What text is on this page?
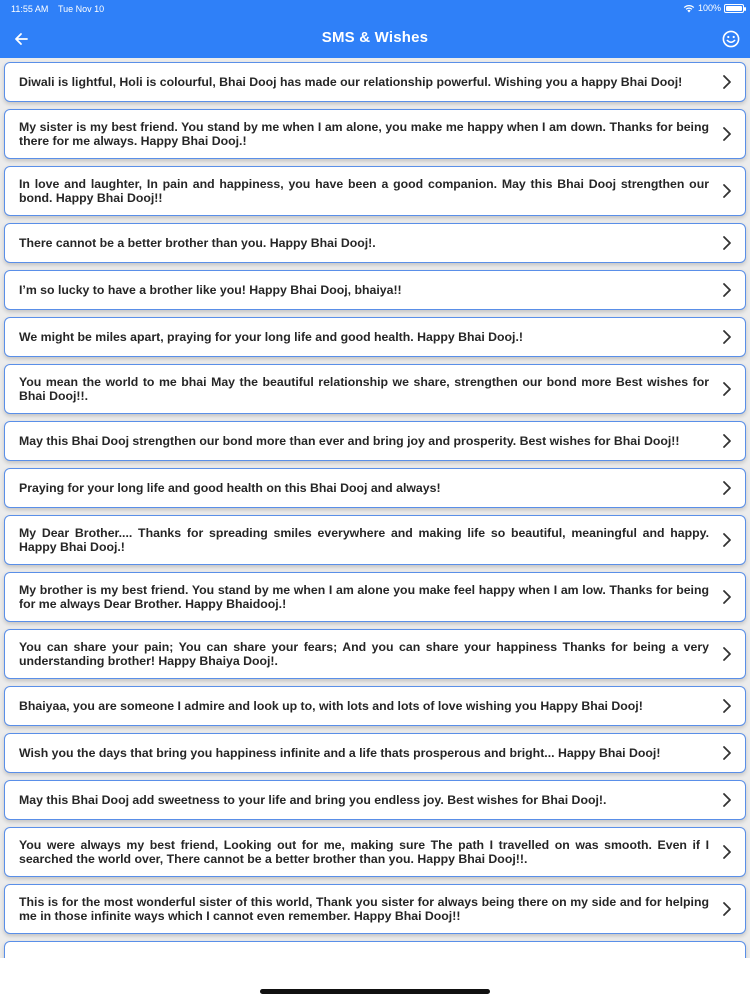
11:55 AM Tue Nov 10	100%
SMS & Wishes
Diwali is lightful, Holi is colourful, Bhai Dooj has made our relationship powerful. Wishing you a happy Bhai Dooj!
My sister is my best friend. You stand by me when I am alone, you make me happy when I am down. Thanks for being there for me always. Happy Bhai Dooj.!
In love and laughter, In pain and happiness, you have been a good companion. May this Bhai Dooj strengthen our bond. Happy Bhai Dooj!!
There cannot be a better brother than you. Happy Bhai Dooj!.
I’m so lucky to have a brother like you! Happy Bhai Dooj, bhaiya!!
We might be miles apart, praying for your long life and good health. Happy Bhai Dooj.!
You mean the world to me bhai May the beautiful relationship we share, strengthen our bond more Best wishes for Bhai Dooj!!.
May this Bhai Dooj strengthen our bond more than ever and bring joy and prosperity. Best wishes for Bhai Dooj!!
Praying for your long life and good health on this Bhai Dooj and always!
My Dear Brother.... Thanks for spreading smiles everywhere and making life so beautiful, meaningful and happy. Happy Bhai Dooj.!
My brother is my best friend. You stand by me when I am alone you make feel happy when I am low. Thanks for being for me always Dear Brother. Happy Bhaidooj.!
You can share your pain; You can share your fears; And you can share your happiness Thanks for being a very understanding brother! Happy Bhaiya Dooj!.
Bhaiyaa, you are someone I admire and look up to, with lots and lots of love wishing you Happy Bhai Dooj!
Wish you the days that bring you happiness infinite and a life thats prosperous and bright... Happy Bhai Dooj!
May this Bhai Dooj add sweetness to your life and bring you endless joy. Best wishes for Bhai Dooj!.
You were always my best friend, Looking out for me, making sure The path I travelled on was smooth. Even if I searched the world over, There cannot be a better brother than you. Happy Bhai Dooj!!.
This is for the most wonderful sister of this world, Thank you sister for always being there on my side and for helping me in those infinite ways which I cannot even remember. Happy Bhai Dooj!!
